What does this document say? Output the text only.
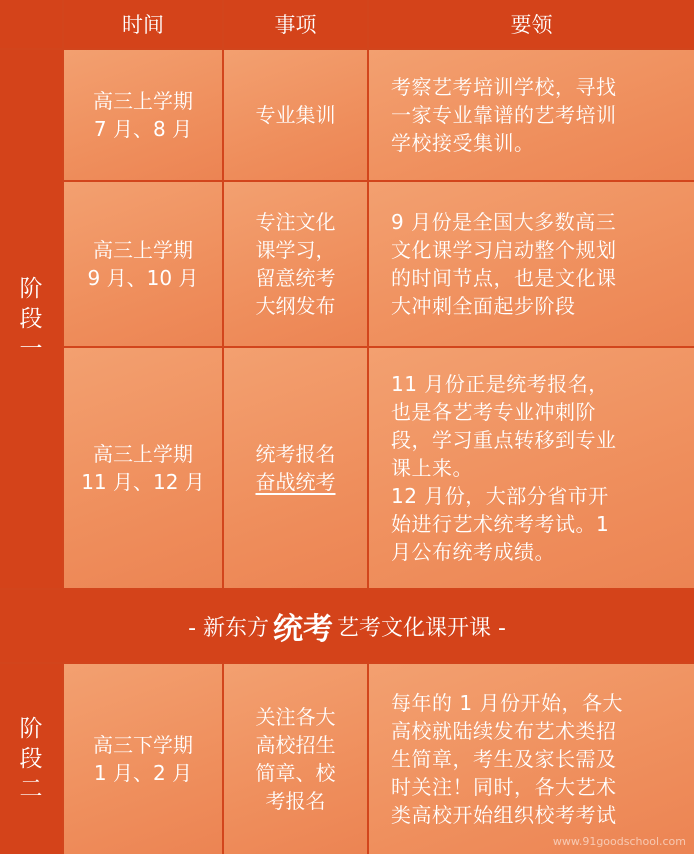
时间	事项	要领
阶段一

高三上学期
7 月、8 月

专业集训

考察艺考培训学校，寻找
一家专业靠谱的艺考培训
学校接受集训。

高三上学期
9 月、10 月

专注文化
课学习，
留意统考
大纲发布

9 月份是全国大多数高三
文化课学习启动整个规划
的时间节点，也是文化课
大冲刺全面起步阶段

高三上学期
11 月、12 月

统考报名
奋战统考

11 月份正是统考报名，
也是各艺考专业冲刺阶
段，学习重点转移到专业
课上来。
12 月份，大部分省市开
始进行艺术统考考试。1
月公布统考成绩。

- 新东方 统考 艺考文化课开课 -
阶段二

高三下学期
1 月、2 月

关注各大
高校招生
简章、校
考报名

每年的 1 月份开始，各大
高校就陆续发布艺术类招
生简章，考生及家长需及
时关注！同时，各大艺术
类高校开始组织校考考试

www.91goodschool.com
